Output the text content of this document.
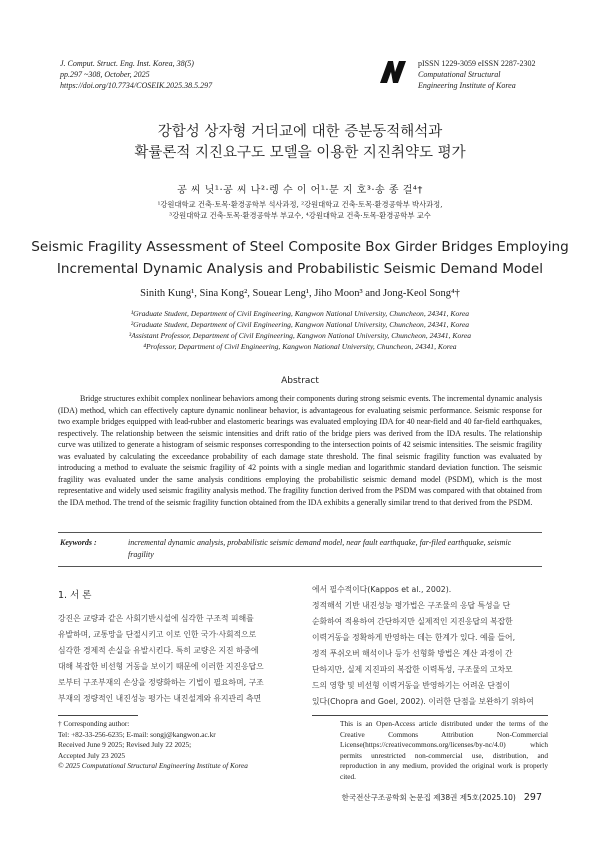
J. Comput. Struct. Eng. Inst. Korea, 38(5)
pp.297 ~308, October, 2025
https://doi.org/10.7734/COSEIK.2025.38.5.297
pISSN 1229-3059 eISSN 2287-2302
Computational Structural
Engineering Institute of Korea
강합성 상자형 거더교에 대한 증분동적해석과
확률론적 지진요구도 모델을 이용한 지진취약도 평가
공 씨 닛¹·공 씨 나²·렝 수 이 어¹·문 지 호³·송 종 걸⁴†
¹강원대학교 건축·토목·환경공학부 석사과정, ²강원대학교 건축·토목·환경공학부 박사과정,
³강원대학교 건축·토목·환경공학부 부교수, ⁴강원대학교 건축·토목·환경공학부 교수
Seismic Fragility Assessment of Steel Composite Box Girder Bridges Employing
Incremental Dynamic Analysis and Probabilistic Seismic Demand Model
Sinith Kung¹, Sina Kong², Souear Leng¹, Jiho Moon³ and Jong-Keol Song⁴†
¹Graduate Student, Department of Civil Engineering, Kangwon National University, Chuncheon, 24341, Korea
²Graduate Student, Department of Civil Engineering, Kangwon National University, Chuncheon, 24341, Korea
³Assistant Professor, Department of Civil Engineering, Kangwon National University, Chuncheon, 24341, Korea
⁴Professor, Department of Civil Engineering, Kangwon National University, Chuncheon, 24341, Korea
Abstract

Bridge structures exhibit complex nonlinear behaviors among their components during strong seismic events. The incremental dynamic analysis (IDA) method, which can effectively capture dynamic nonlinear behavior, is advantageous for evaluating seismic performance. Seismic response for two example bridges equipped with lead-rubber and elastomeric bearings was evaluated employing IDA for 40 near-field and 40 far-field earthquakes, respectively. The relationship between the seismic intensities and drift ratio of the bridge piers was derived from the IDA results. The relationship curve was utilized to generate a histogram of seismic responses corresponding to the intersection points of 42 seismic intensities. The seismic fragility was evaluated by calculating the exceedance probability of each damage state threshold. The final seismic fragility function was evaluated by introducing a method to evaluate the seismic fragility of 42 points with a single median and logarithmic standard deviation function. The seismic fragility was evaluated under the same analysis conditions employing the probabilistic seismic demand model (PSDM), which is the most representative and widely used seismic fragility analysis method. The fragility function derived from the PSDM was compared with that obtained from the IDA method. The trend of the seismic fragility function obtained from the IDA exhibits a generally similar trend to that derived from the PSDM.

Keywords :	incremental dynamic analysis, probabilistic seismic demand model, near fault earthquake, far-filed earthquake, seismic fragility
1. 서 론
강진은 교량과 같은 사회기반시설에 심각한 구조적 피해를
유발하며, 교통망을 단절시키고 이로 인한 국가·사회적으로
심각한 경제적 손실을 유발시킨다. 특히 교량은 지진 하중에
대해 복잡한 비선형 거동을 보이기 때문에 이러한 지진응답으
로부터 구조부재의 손상을 정량화하는 기법이 필요하며, 구조
부재의 정량적인 내진성능 평가는 내진설계와 유지관리 측면
에서 필수적이다(Kappos et al., 2002).
정적해석 기반 내진성능 평가법은 구조물의 응답 특성을 단
순화하여 적용하여 간단하지만 실제적인 지진응답의 복잡한
이력거동을 정확하게 반영하는 데는 한계가 있다. 예를 들어,
정적 푸쉬오버 해석이나 등가 선형화 방법은 계산 과정이 간
단하지만, 실제 지진파의 복잡한 이력특성, 구조물의 고차모
드의 영향 및 비선형 이력거동을 반영하기는 어려운 단점이
있다(Chopra and Goel, 2002). 이러한 단점을 보완하기 위하여
† Corresponding author:
Tel: +82-33-256-6235; E-mail: songj@kangwon.ac.kr
Received June 9 2025; Revised July 22 2025;
Accepted July 23 2025
© 2025 Computational Structural Engineering Institute of Korea
This is an Open-Access article distributed under the terms of the Creative Commons Attribution Non-Commercial License(https://creativecommons.org/licenses/by-nc/4.0) which permits unrestricted non-commercial use, distribution, and reproduction in any medium, provided the original work is properly cited.
한국전산구조공학회 논문집 제38권 제5호(2025.10) 297
